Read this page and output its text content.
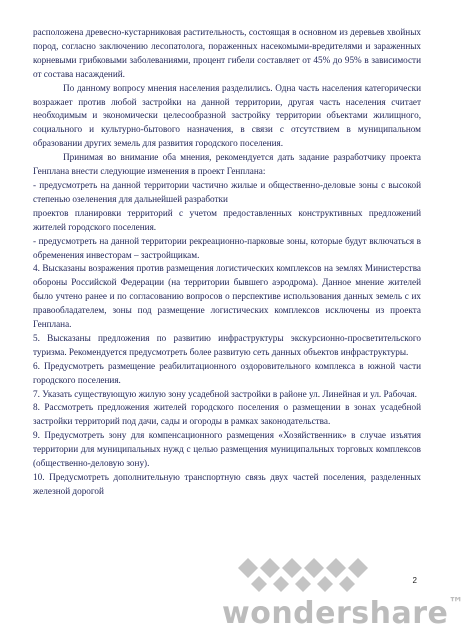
расположена древесно-кустарниковая растительность, состоящая в основном из деревьев хвойных пород, согласно заключению лесопатолога, пораженных насекомыми-вредителями и зараженных корневыми грибковыми заболеваниями, процент гибели составляет от 45% до 95% в зависимости от состава насаждений.

По данному вопросу мнения населения разделились. Одна часть населения категорически возражает против любой застройки на данной территории, другая часть населения считает необходимым и экономически целесообразной застройку территории объектами жилищного, социального и культурно-бытового назначения, в связи с отсутствием в муниципальном образовании других земель для развития городского поселения.

Принимая во внимание оба мнения, рекомендуется дать задание разработчику проекта Генплана внести следующие изменения в проект Генплана:

- предусмотреть на данной территории частично жилые и общественно-деловые зоны с высокой степенью озеленения для дальнейшей разработки

проектов планировки территорий с учетом предоставленных конструктивных предложений жителей городского поселения.

- предусмотреть на данной территории рекреационно-парковые зоны, которые будут включаться в обременения инвесторам – застройщикам.

4. Высказаны возражения против размещения логистических комплексов на землях Министерства обороны Российской Федерации (на территории бывшего аэродрома). Данное мнение жителей было учтено ранее и по согласованию вопросов о перспективе использования данных земель с их правообладателем, зоны под размещение логистических комплексов исключены из проекта Генплана.

5. Высказаны предложения по развитию инфраструктуры экскурсионно-просветительского туризма. Рекомендуется предусмотреть более развитую сеть данных объектов инфраструктуры.

6. Предусмотреть размещение реабилитационного оздоровительного комплекса в южной части городского поселения.

7. Указать существующую жилую зону усадебной застройки в районе ул. Линейная и ул. Рабочая.

8. Рассмотреть предложения жителей городского поселения о размещении в зонах усадебной застройки территорий под дачи, сады и огороды в рамках законодательства.

9. Предусмотреть зону для компенсационного размещения «Хозяйственник» в случае изъятия территории для муниципальных нужд с целью размещения муниципальных торговых комплексов (общественно-деловую зону).

10. Предусмотреть дополнительную транспортную связь двух частей поселения, разделенных железной дорогой

2
wondershare™
